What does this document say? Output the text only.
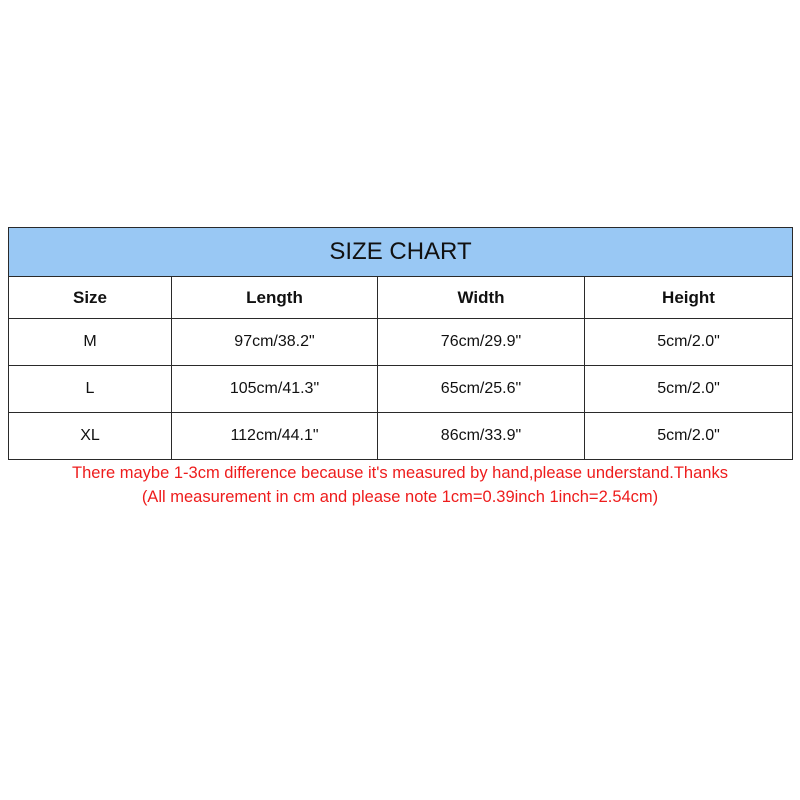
SIZE CHART			
Size	Length	Width	Height
M	97cm/38.2"	76cm/29.9"	5cm/2.0"
L	105cm/41.3"	65cm/25.6"	5cm/2.0"
XL	112cm/44.1"	86cm/33.9"	5cm/2.0"
There maybe 1-3cm difference because it's measured by hand,please understand.Thanks
(All measurement in cm and please note 1cm=0.39inch 1inch=2.54cm)
